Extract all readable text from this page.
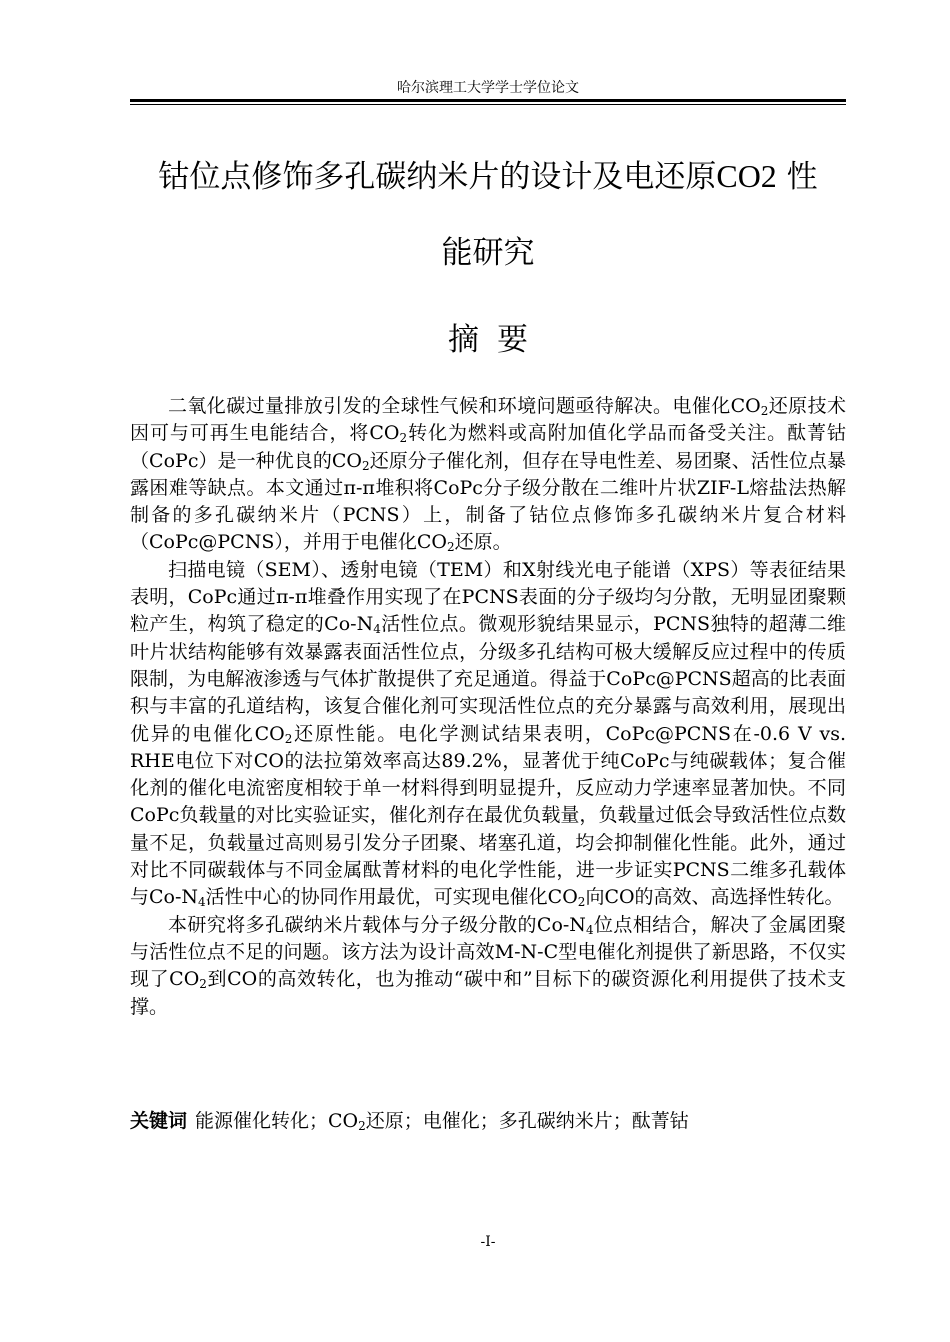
哈尔滨理工大学学士学位论文
钴位点修饰多孔碳纳米片的设计及电还原CO2 性
能研究
摘要

二氧化碳过量排放引发的全球性气候和环境问题亟待解决。电催化$CO_2$还原技术因可与可再生电能结合，将$CO_2$转化为燃料或高附加值化学品而备受关注。酞菁钴（CoPc）是一种优良的$CO_2$还原分子催化剂，但存在导电性差、易团聚、活性位点暴露困难等缺点。本文通过π-π堆积将CoPc分子级分散在二维叶片状ZIF-L熔盐法热解制备的多孔碳纳米片（PCNS）上，制备了钴位点修饰多孔碳纳米片复合材料（CoPc@PCNS），并用于电催化$CO_2$还原。

扫描电镜（SEM）、透射电镜（TEM）和X射线光电子能谱（XPS）等表征结果表明，CoPc通过π-π堆叠作用实现了在PCNS表面的分子级均匀分散，无明显团聚颗粒产生，构筑了稳定的$Co-N_4$活性位点。微观形貌结果显示，PCNS独特的超薄二维叶片状结构能够有效暴露表面活性位点，分级多孔结构可极大缓解反应过程中的传质限制，为电解液渗透与气体扩散提供了充足通道。得益于CoPc@PCNS超高的比表面积与丰富的孔道结构，该复合催化剂可实现活性位点的充分暴露与高效利用，展现出优异的电催化$CO_2$还原性能。电化学测试结果表明，CoPc@PCNS在-0.6 V vs. RHE电位下对CO的法拉第效率高达89.2%，显著优于纯CoPc与纯碳载体；复合催化剂的催化电流密度相较于单一材料得到明显提升，反应动力学速率显著加快。不同CoPc负载量的对比实验证实，催化剂存在最优负载量，负载量过低会导致活性位点数量不足，负载量过高则易引发分子团聚、堵塞孔道，均会抑制催化性能。此外，通过对比不同碳载体与不同金属酞菁材料的电化学性能，进一步证实PCNS二维多孔载体与$Co-N_4$活性中心的协同作用最优，可实现电催化$CO_2$向CO的高效、高选择性转化。

本研究将多孔碳纳米片载体与分子级分散的$Co-N_4$位点相结合，解决了金属团聚与活性位点不足的问题。该方法为设计高效M-N-C型电催化剂提供了新思路，不仅实现了$CO_2$到CO的高效转化，也为推动“碳中和”目标下的碳资源化利用提供了技术支撑。

关键词 能源催化转化；$CO_2$还原；电催化；多孔碳纳米片；酞菁钴
-I-
